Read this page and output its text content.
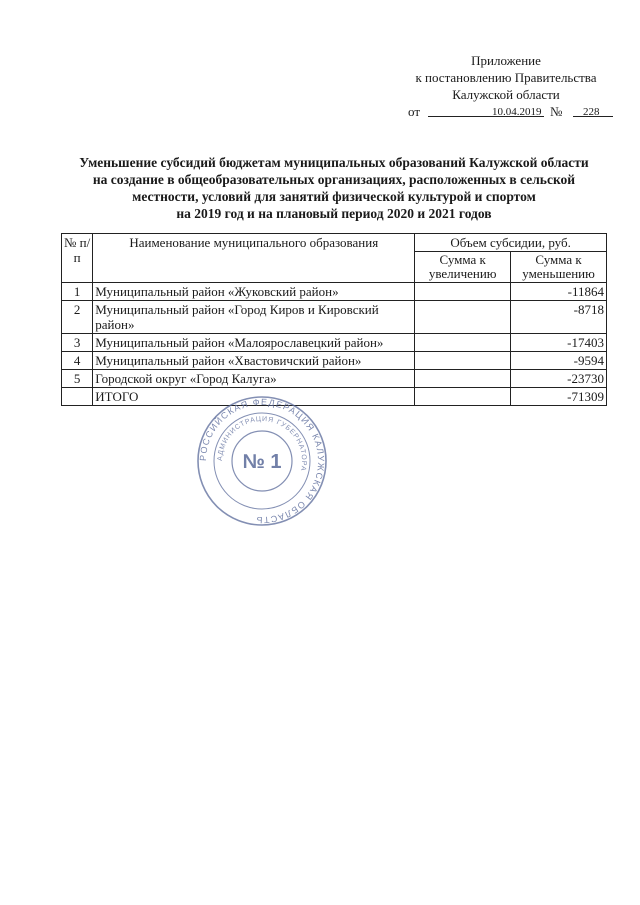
Приложение
к постановлению Правительства
Калужской области
от	10.04.2019 № 228
Уменьшение субсидий бюджетам муниципальных образований Калужской области
на создание в общеобразовательных организациях, расположенных в сельской
местности, условий для занятий физической культурой и спортом
на 2019 год и на плановый период 2020 и 2021 годов
№ п/п	Наименование муниципального образования	Объем субсидии, руб.	
		Сумма к увеличению	Сумма к уменьшению
1	Муниципальный район «Жуковский район»		-11864
2	Муниципальный район «Город Киров и Кировский район»		-8718
3	Муниципальный район «Малоярославецкий район»		-17403
4	Муниципальный район «Хвастовичский район»		-9594
5	Городской округ «Город Калуга»		-23730
	ИТОГО		-71309
РОССИЙСКАЯ ФЕДЕРАЦИЯ КАЛУЖСКАЯ ОБЛАСТЬ
АДМИНИСТРАЦИЯ ГУБЕРНАТОРА
№ 1
